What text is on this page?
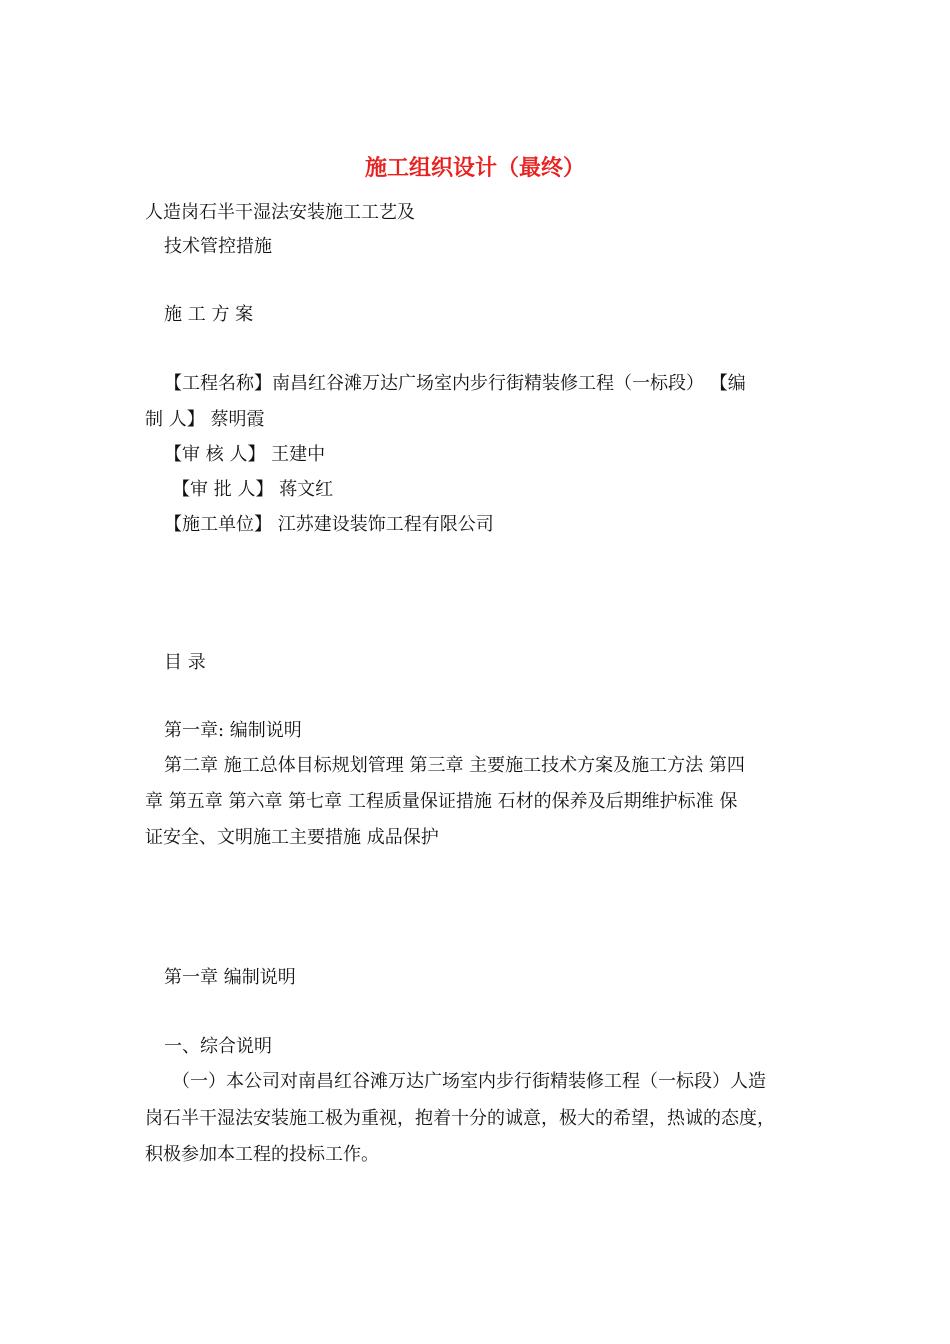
施工组织设计（最终）
人造岗石半干湿法安装施工工艺及
技术管控措施
施 工 方 案
【工程名称】南昌红谷滩万达广场室内步行街精装修工程（一标段） 【编
制 人】 蔡明霞
【审 核 人】 王建中
【审 批 人】 蒋文红
【施工单位】 江苏建设装饰工程有限公司
目 录
第一章: 编制说明
第二章 施工总体目标规划管理 第三章 主要施工技术方案及施工方法 第四
章 第五章 第六章 第七章 工程质量保证措施 石材的保养及后期维护标准 保
证安全、文明施工主要措施 成品保护
第一章 编制说明
一、综合说明
（一）本公司对南昌红谷滩万达广场室内步行街精装修工程（一标段）人造
岗石半干湿法安装施工极为重视，抱着十分的诚意，极大的希望，热诚的态度，
积极参加本工程的投标工作。
